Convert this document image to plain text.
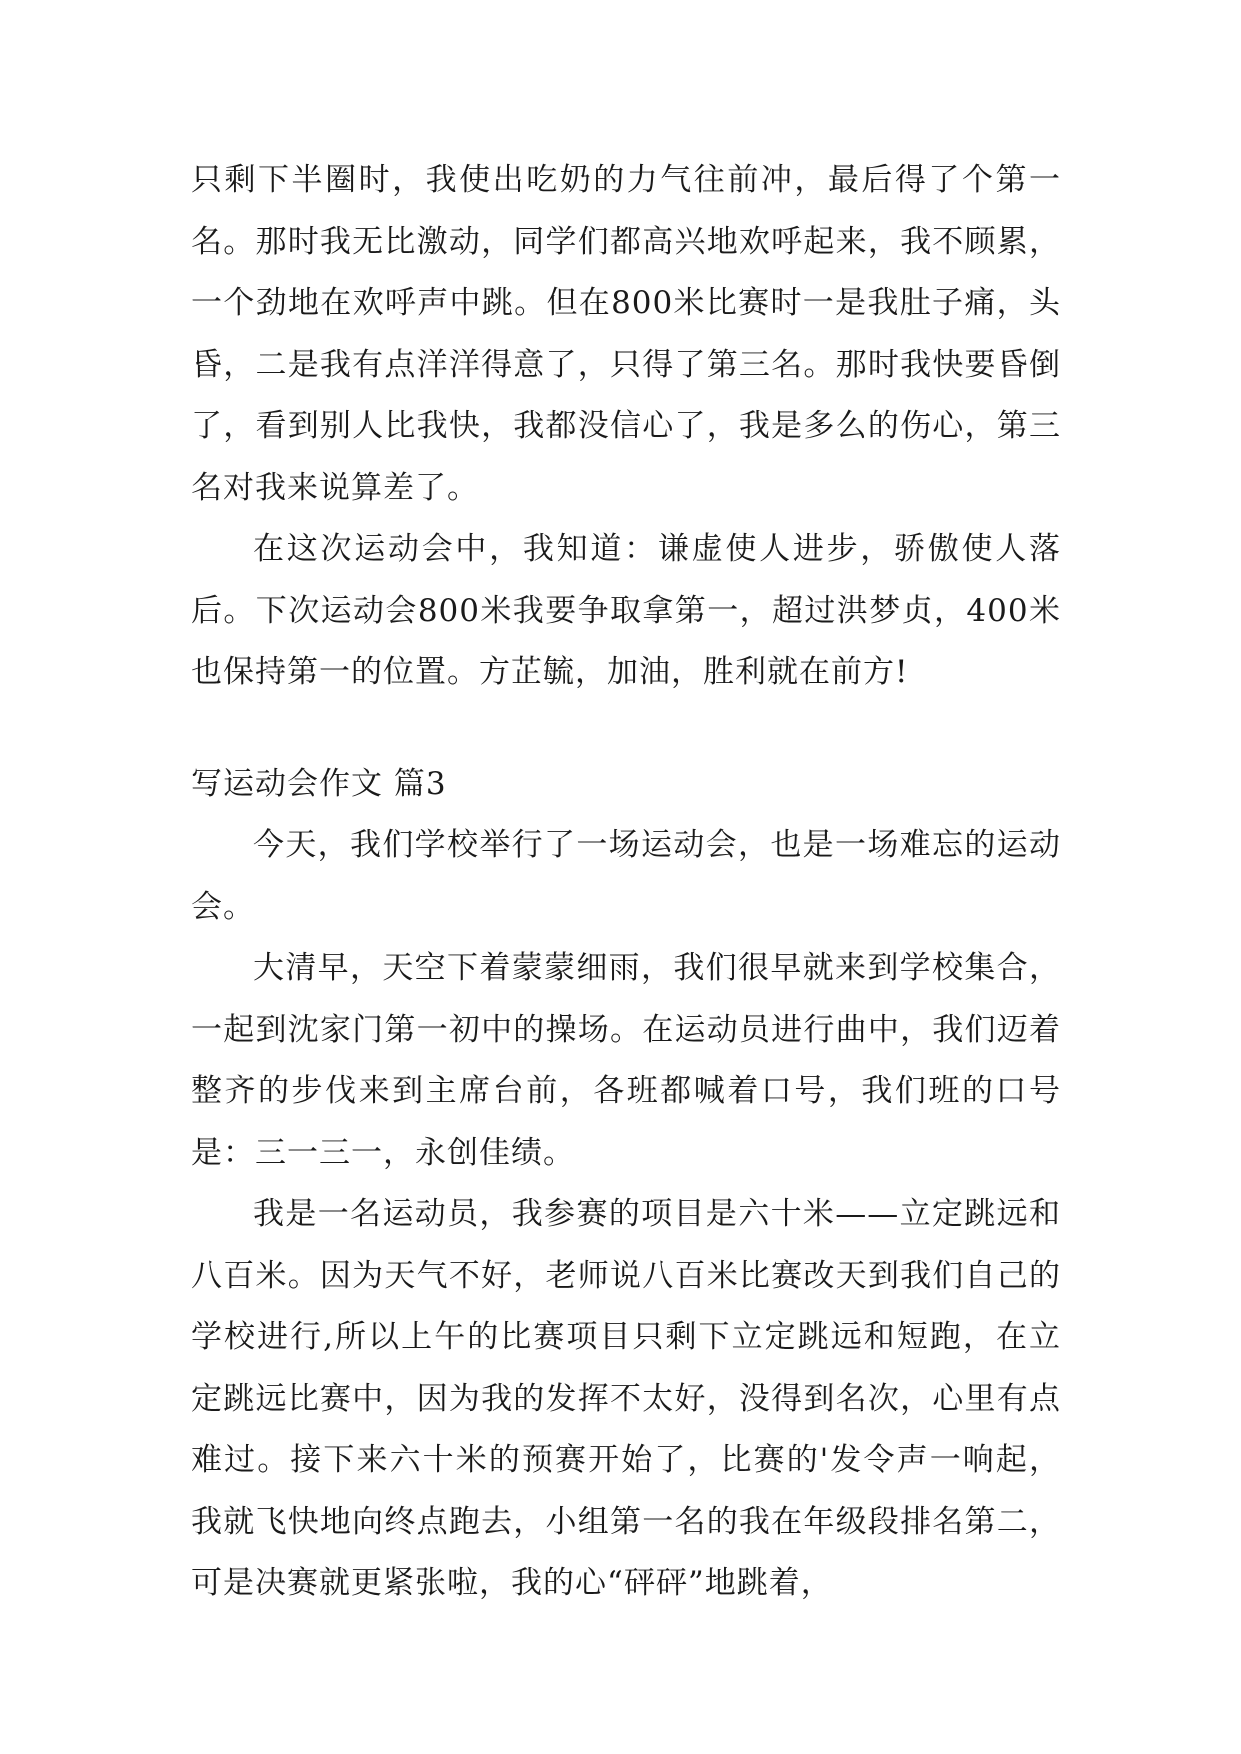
只剩下半圈时，我使出吃奶的力气往前冲，最后得了个第一名。那时我无比激动，同学们都高兴地欢呼起来，我不顾累，一个劲地在欢呼声中跳。但在800米比赛时一是我肚子痛，头昏，二是我有点洋洋得意了，只得了第三名。那时我快要昏倒了，看到别人比我快，我都没信心了，我是多么的伤心，第三名对我来说算差了。

在这次运动会中，我知道：谦虚使人进步，骄傲使人落后。下次运动会800米我要争取拿第一，超过洪梦贞，400米也保持第一的位置。方芷毓，加油，胜利就在前方!

写运动会作文 篇3

今天，我们学校举行了一场运动会，也是一场难忘的运动会。

大清早，天空下着蒙蒙细雨，我们很早就来到学校集合，一起到沈家门第一初中的操场。在运动员进行曲中，我们迈着整齐的步伐来到主席台前，各班都喊着口号，我们班的口号是：三一三一，永创佳绩。

我是一名运动员，我参赛的项目是六十米——立定跳远和八百米。因为天气不好，老师说八百米比赛改天到我们自己的学校进行,所以上午的比赛项目只剩下立定跳远和短跑，在立定跳远比赛中，因为我的发挥不太好，没得到名次，心里有点难过。接下来六十米的预赛开始了，比赛的'发令声一响起，我就飞快地向终点跑去，小组第一名的我在年级段排名第二，可是决赛就更紧张啦，我的心“砰砰”地跳着，
